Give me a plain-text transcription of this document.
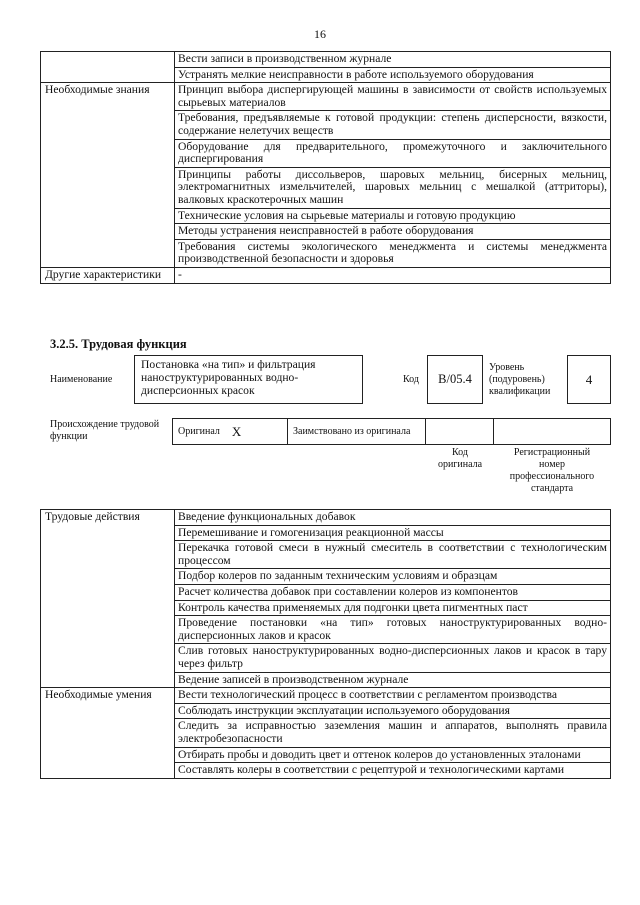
16
	Вести записи в производственном журнале
	Устранять мелкие неисправности в работе используемого оборудования
Необходимые знания	Принцип выбора диспергирующей машины в зависимости от свойств используемых сырьевых материалов
	Требования, предъявляемые к готовой продукции: степень дисперсности, вязкости, содержание нелетучих веществ
	Оборудование для предварительного, промежуточного и заключительного диспергирования
	Принципы работы диссольверов, шаровых мельниц, бисерных мельниц, электромагнитных измельчителей, шаровых мельниц с мешалкой (аттриторы), валковых краскотерочных машин
	Технические условия на сырьевые материалы и готовую продукцию
	Методы устранения неисправностей в работе оборудования
	Требования системы экологического менеджмента и системы менеджмента производственной безопасности и здоровья
Другие характеристики	-
3.2.5. Трудовая функция
Наименование
Постановка «на тип» и фильтрация наноструктурированных водно-дисперсионных красок
Код	В/05.4
Уровень (подуровень) квалификации
4
Происхождение трудовой функции	Оригинал X	Заимствовано из оригинала
Код оригинала
Регистрационный номер профессионального стандарта
Трудовые действия	Введение функциональных добавок
	Перемешивание и гомогенизация реакционной массы
	Перекачка готовой смеси в нужный смеситель в соответствии с технологическим процессом
	Подбор колеров по заданным техническим условиям и образцам
	Расчет количества добавок при составлении колеров из компонентов
	Контроль качества применяемых для подгонки цвета пигментных паст
	Проведение постановки «на тип» готовых наноструктурированных водно-дисперсионных лаков и красок
	Слив готовых наноструктурированных водно-дисперсионных лаков и красок в тару через фильтр
	Ведение записей в производственном журнале
Необходимые умения	Вести технологический процесс в соответствии с регламентом производства
	Соблюдать инструкции эксплуатации используемого оборудования
	Следить за исправностью заземления машин и аппаратов, выполнять правила электробезопасности
	Отбирать пробы и доводить цвет и оттенок колеров до установленных эталонами
	Составлять колеры в соответствии с рецептурой и технологическими картами
